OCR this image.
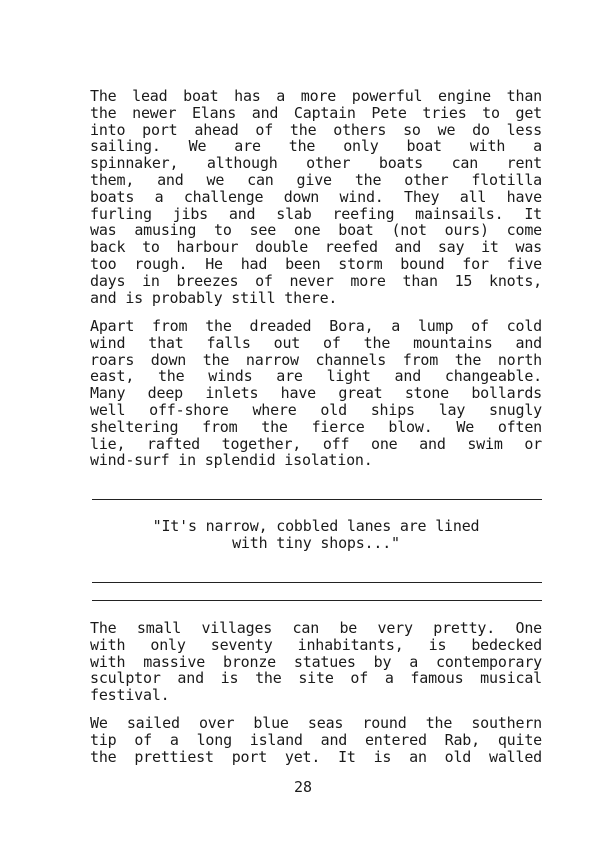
The lead boat has a more powerful engine than
the newer Elans and Captain Pete tries to get
into port ahead of the others so we do less
sailing. We are the only boat with a
spinnaker, although other boats can rent
them, and we can give the other flotilla
boats a challenge down wind. They all have
furling jibs and slab reefing mainsails. It
was amusing to see one boat (not ours) come
back to harbour double reefed and say it was
too rough. He had been storm bound for five
days in breezes of never more than 15 knots,
and is probably still there.
Apart from the dreaded Bora, a lump of cold
wind that falls out of the mountains and
roars down the narrow channels from the north
east, the winds are light and changeable.
Many deep inlets have great stone bollards
well off-shore where old ships lay snugly
sheltering from the fierce blow. We often
lie, rafted together, off one and swim or
wind-surf in splendid isolation.
"It's narrow, cobbled lanes are lined
with tiny shops..."
The small villages can be very pretty. One
with only seventy inhabitants, is bedecked
with massive bronze statues by a contemporary
sculptor and is the site of a famous musical
festival.
We sailed over blue seas round the southern
tip of a long island and entered Rab, quite
the prettiest port yet. It is an old walled
28
